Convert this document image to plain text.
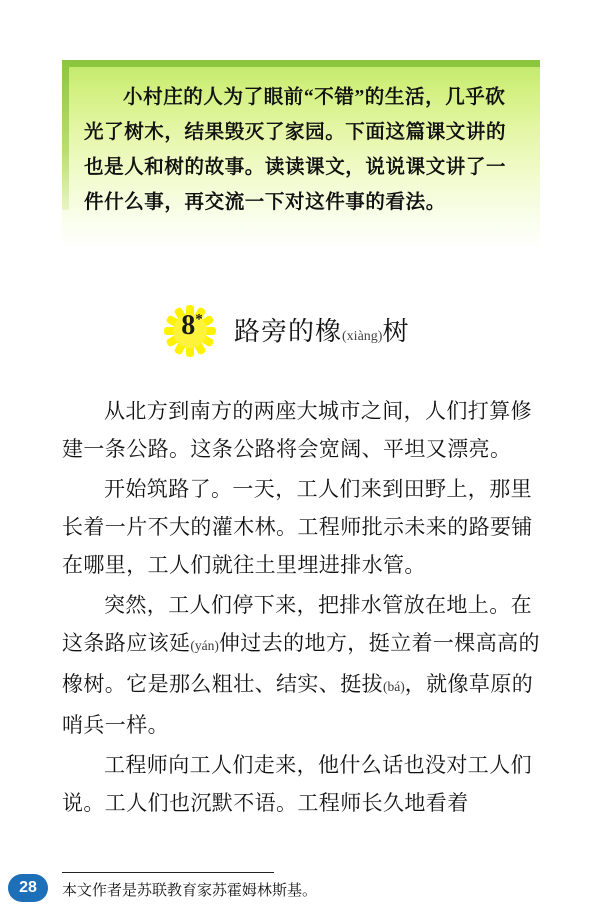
小村庄的人为了眼前“不错”的生活，几乎砍光了树木，结果毁灭了家园。下面这篇课文讲的也是人和树的故事。读读课文，说说课文讲了一件什么事，再交流一下对这件事的看法。
8*	路旁的橡(xiàng)树

从北方到南方的两座大城市之间，人们打算修建一条公路。这条公路将会宽阔、平坦又漂亮。

开始筑路了。一天，工人们来到田野上，那里长着一片不大的灌木林。工程师批示未来的路要铺在哪里，工人们就往土里埋进排水管。

突然，工人们停下来，把排水管放在地上。在这条路应该延(yán)伸过去的地方，挺立着一棵高高的橡树。它是那么粗壮、结实、挺拔(bá)，就像草原的哨兵一样。

工程师向工人们走来，他什么话也没对工人们说。工人们也沉默不语。工程师长久地看着

本文作者是苏联教育家苏霍姆林斯基。
28
